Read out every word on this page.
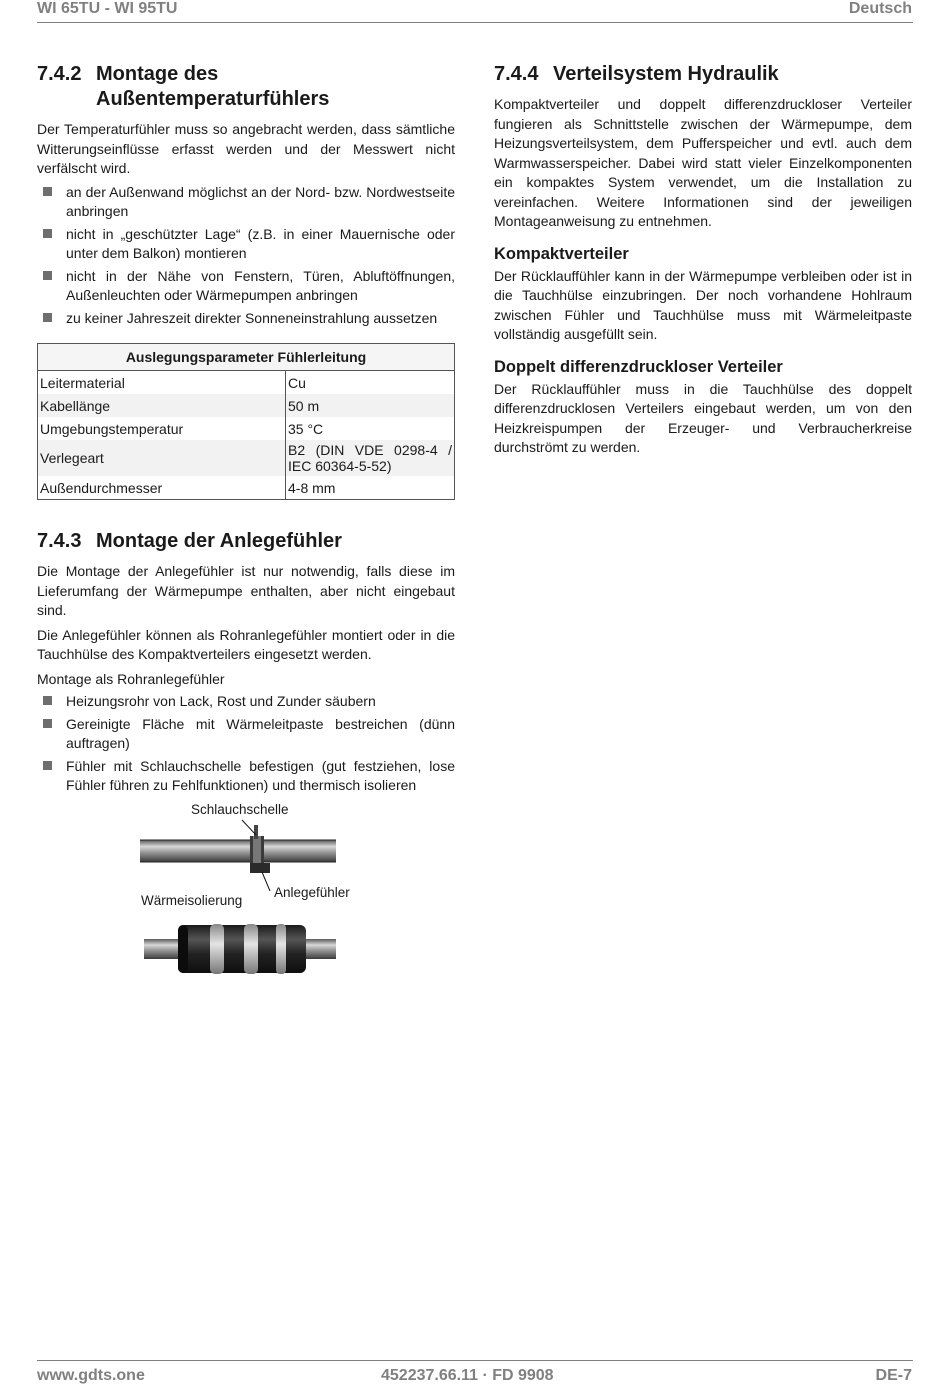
WI 65TU - WI 95TU	Deutsch
7.4.2 Montage des
Außentemperaturfühlers

Der Temperaturfühler muss so angebracht werden, dass sämtliche Witterungseinflüsse erfasst werden und der Messwert nicht verfälscht wird.

an der Außenwand möglichst an der Nord- bzw. Nordwestseite anbringen
nicht in „geschützter Lage“ (z.B. in einer Mauernische oder unter dem Balkon) montieren
nicht in der Nähe von Fenstern, Türen, Abluftöffnungen, Außenleuchten oder Wärmepumpen anbringen
zu keiner Jahreszeit direkter Sonneneinstrahlung aussetzen
Auslegungsparameter Fühlerleitung	
Leitermaterial	Cu
Kabellänge	50 m
Umgebungstemperatur	35 °C
Verlegeart	B2 (DIN VDE 0298-4 / IEC 60364-5-52)
Außendurchmesser	4-8 mm
7.4.3 Montage der Anlegefühler

Die Montage der Anlegefühler ist nur notwendig, falls diese im Lieferumfang der Wärmepumpe enthalten, aber nicht eingebaut sind.

Die Anlegefühler können als Rohranlegefühler montiert oder in die Tauchhülse des Kompaktverteilers eingesetzt werden.

Montage als Rohranlegefühler

Heizungsrohr von Lack, Rost und Zunder säubern
Gereinigte Fläche mit Wärmeleitpaste bestreichen (dünn auftragen)
Fühler mit Schlauchschelle befestigen (gut festziehen, lose Fühler führen zu Fehlfunktionen) und thermisch isolieren
Schlauchschelle
Anlegefühler
Wärmeisolierung
7.4.4 Verteilsystem Hydraulik

Kompaktverteiler und doppelt differenzdruckloser Verteiler fungieren als Schnittstelle zwischen der Wärmepumpe, dem Heizungsverteilsystem, dem Pufferspeicher und evtl. auch dem Warmwasserspeicher. Dabei wird statt vieler Einzelkomponenten ein kompaktes System verwendet, um die Installation zu vereinfachen. Weitere Informationen sind der jeweiligen Montageanweisung zu entnehmen.

Kompaktverteiler

Der Rücklauffühler kann in der Wärmepumpe verbleiben oder ist in die Tauchhülse einzubringen. Der noch vorhandene Hohlraum zwischen Fühler und Tauchhülse muss mit Wärmeleitpaste vollständig ausgefüllt sein.

Doppelt differenzdruckloser Verteiler

Der Rücklauffühler muss in die Tauchhülse des doppelt differenzdrucklosen Verteilers eingebaut werden, um von den Heizkreispumpen der Erzeuger- und Verbraucherkreise durchströmt zu werden.

www.gdts.one	452237.66.11 · FD 9908	DE-7
